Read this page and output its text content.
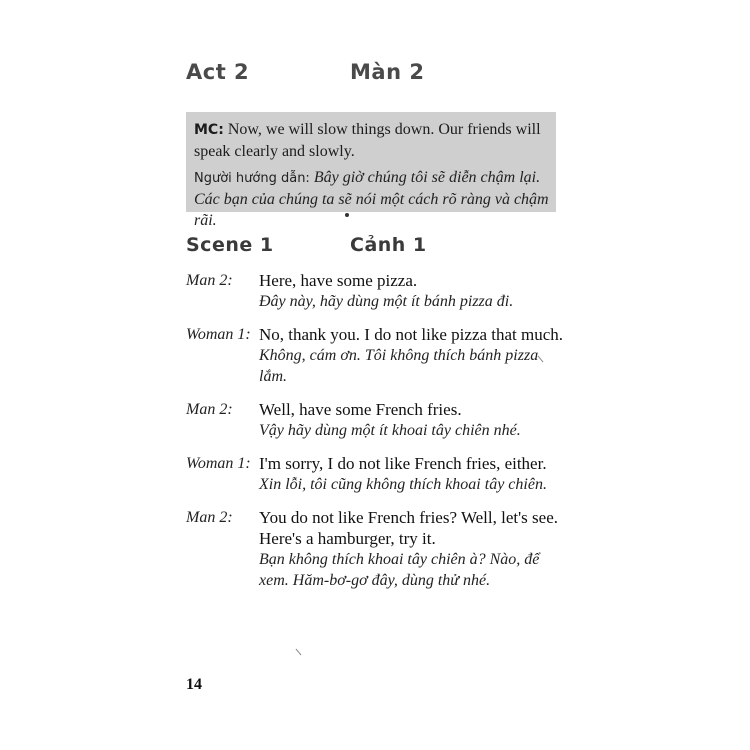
Act 2	Màn 2
MC: Now, we will slow things down. Our friends will speak clearly and slowly.
Người hướng dẫn: Bây giờ chúng tôi sẽ diễn chậm lại. Các bạn của chúng ta sẽ nói một cách rõ ràng và chậm rãi.
Scene 1	Cảnh 1
Man 2:	Here, have some pizza.
Đây này, hãy dùng một ít bánh pizza đi.
Woman 1: No, thank you. I do not like pizza that much.
Không, cám ơn. Tôi không thích bánh pizza lắm.
Man 2:	Well, have some French fries.
Vậy hãy dùng một ít khoai tây chiên nhé.
Woman 1: I'm sorry, I do not like French fries, either.
Xin lỗi, tôi cũng không thích khoai tây chiên.
Man 2:	You do not like French fries? Well, let's see. Here's a hamburger, try it.
Bạn không thích khoai tây chiên à? Nào, để xem. Hăm-bơ-gơ đây, dùng thử nhé.
14
